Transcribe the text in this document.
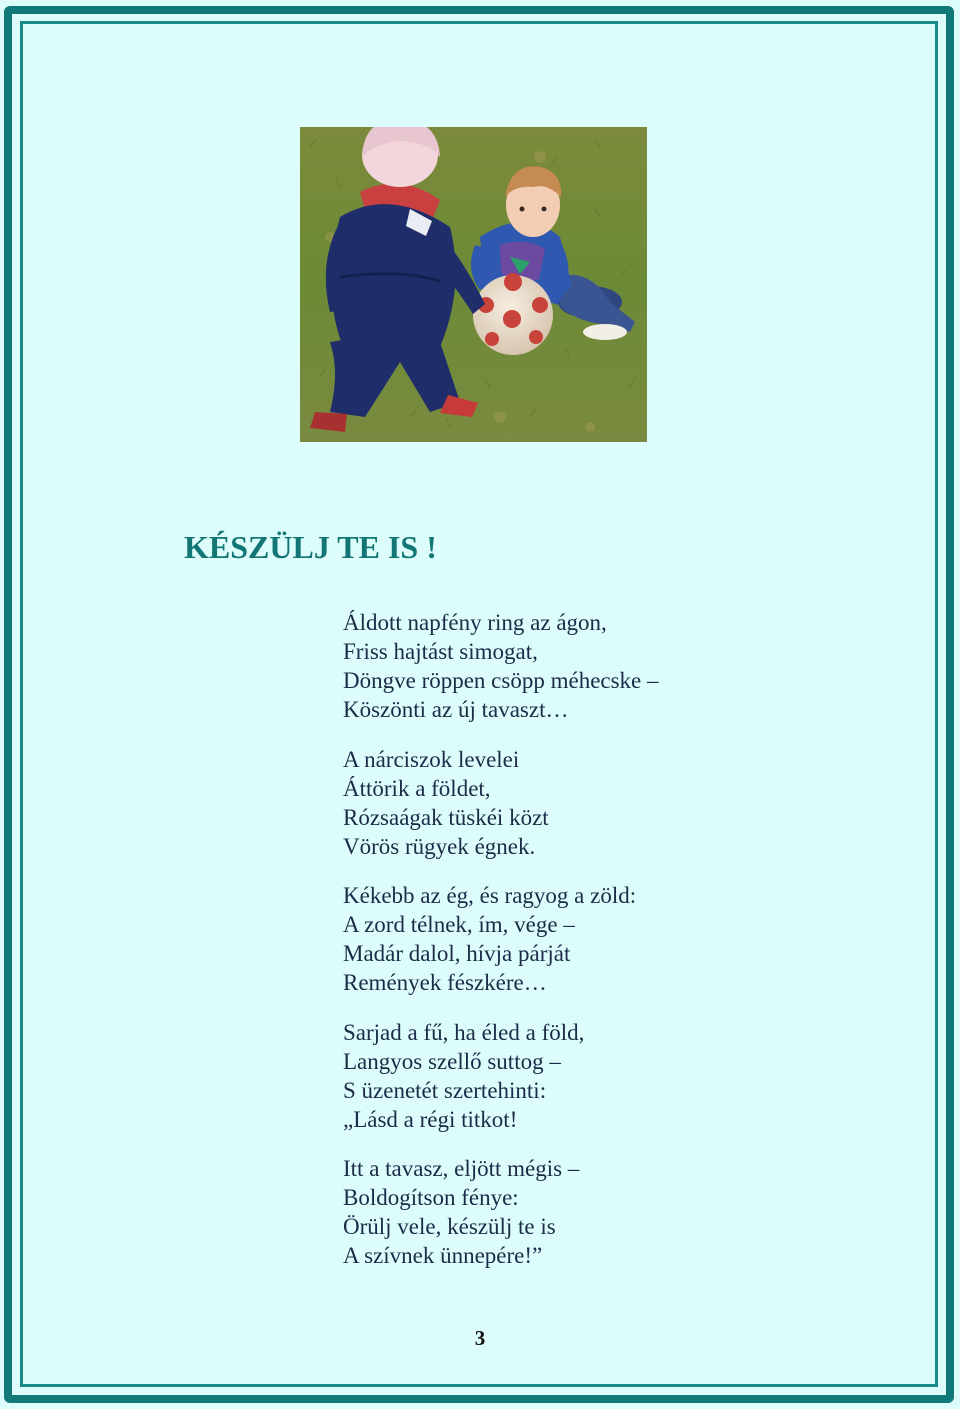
KÉSZÜLJ TE IS !
Áldott napfény ring az ágon,
Friss hajtást simogat,
Döngve röppen csöpp méhecske –
Köszönti az új tavaszt…
A nárciszok levelei
Áttörik a földet,
Rózsaágak tüskéi közt
Vörös rügyek égnek.
Kékebb az ég, és ragyog a zöld:
A zord télnek, ím, vége –
Madár dalol, hívja párját
Remények fészkére…
Sarjad a fű, ha éled a föld,
Langyos szellő suttog –
S üzenetét szertehinti:
„Lásd a régi titkot!
Itt a tavasz, eljött mégis –
Boldogítson fénye:
Örülj vele, készülj te is
A szívnek ünnepére!”
3
